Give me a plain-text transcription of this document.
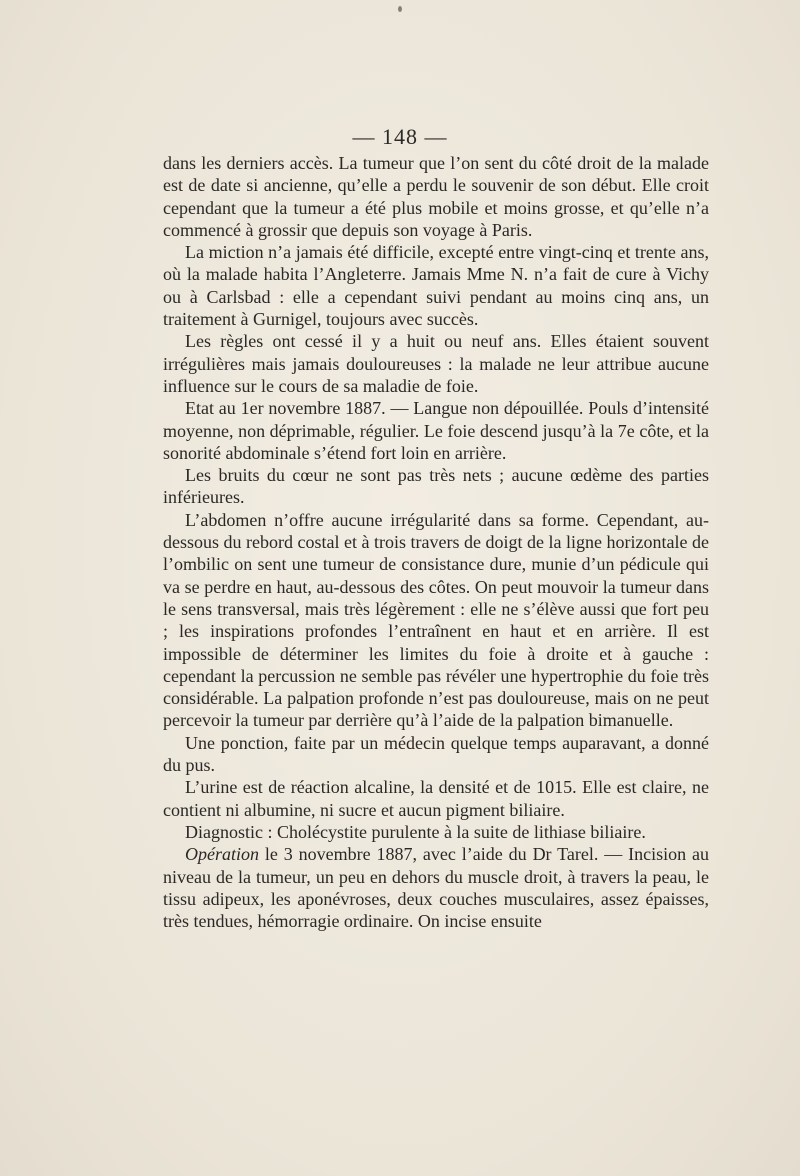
— 148 —

dans les derniers accès. La tumeur que l’on sent du côté droit de la malade est de date si ancienne, qu’elle a perdu le souvenir de son début. Elle croit cependant que la tumeur a été plus mobile et moins grosse, et qu’elle n’a commencé à grossir que depuis son voyage à Paris.

La miction n’a jamais été difficile, excepté entre vingt-cinq et trente ans, où la malade habita l’Angleterre. Jamais Mme N. n’a fait de cure à Vichy ou à Carlsbad : elle a cependant suivi pendant au moins cinq ans, un traitement à Gurnigel, toujours avec succès.

Les règles ont cessé il y a huit ou neuf ans. Elles étaient souvent irrégulières mais jamais douloureuses : la malade ne leur attribue aucune influence sur le cours de sa maladie de foie.

Etat au 1er novembre 1887. — Langue non dépouillée. Pouls d’intensité moyenne, non déprimable, régulier. Le foie descend jusqu’à la 7e côte, et la sonorité abdominale s’étend fort loin en arrière.

Les bruits du cœur ne sont pas très nets ; aucune œdème des parties inférieures.

L’abdomen n’offre aucune irrégularité dans sa forme. Cependant, au-dessous du rebord costal et à trois travers de doigt de la ligne horizontale de l’ombilic on sent une tumeur de consistance dure, munie d’un pédicule qui va se perdre en haut, au-dessous des côtes. On peut mouvoir la tumeur dans le sens transversal, mais très légèrement : elle ne s’élève aussi que fort peu ; les inspirations profondes l’entraînent en haut et en arrière. Il est impossible de déterminer les limites du foie à droite et à gauche : cependant la percussion ne semble pas révéler une hypertrophie du foie très considérable. La palpation profonde n’est pas douloureuse, mais on ne peut percevoir la tumeur par derrière qu’à l’aide de la palpation bimanuelle.

Une ponction, faite par un médecin quelque temps auparavant, a donné du pus.

L’urine est de réaction alcaline, la densité et de 1015. Elle est claire, ne contient ni albumine, ni sucre et aucun pigment biliaire.

Diagnostic : Cholécystite purulente à la suite de lithiase biliaire.

Opération le 3 novembre 1887, avec l’aide du Dr Tarel. — Incision au niveau de la tumeur, un peu en dehors du muscle droit, à travers la peau, le tissu adipeux, les aponévroses, deux couches musculaires, assez épaisses, très tendues, hémorragie ordinaire. On incise ensuite
